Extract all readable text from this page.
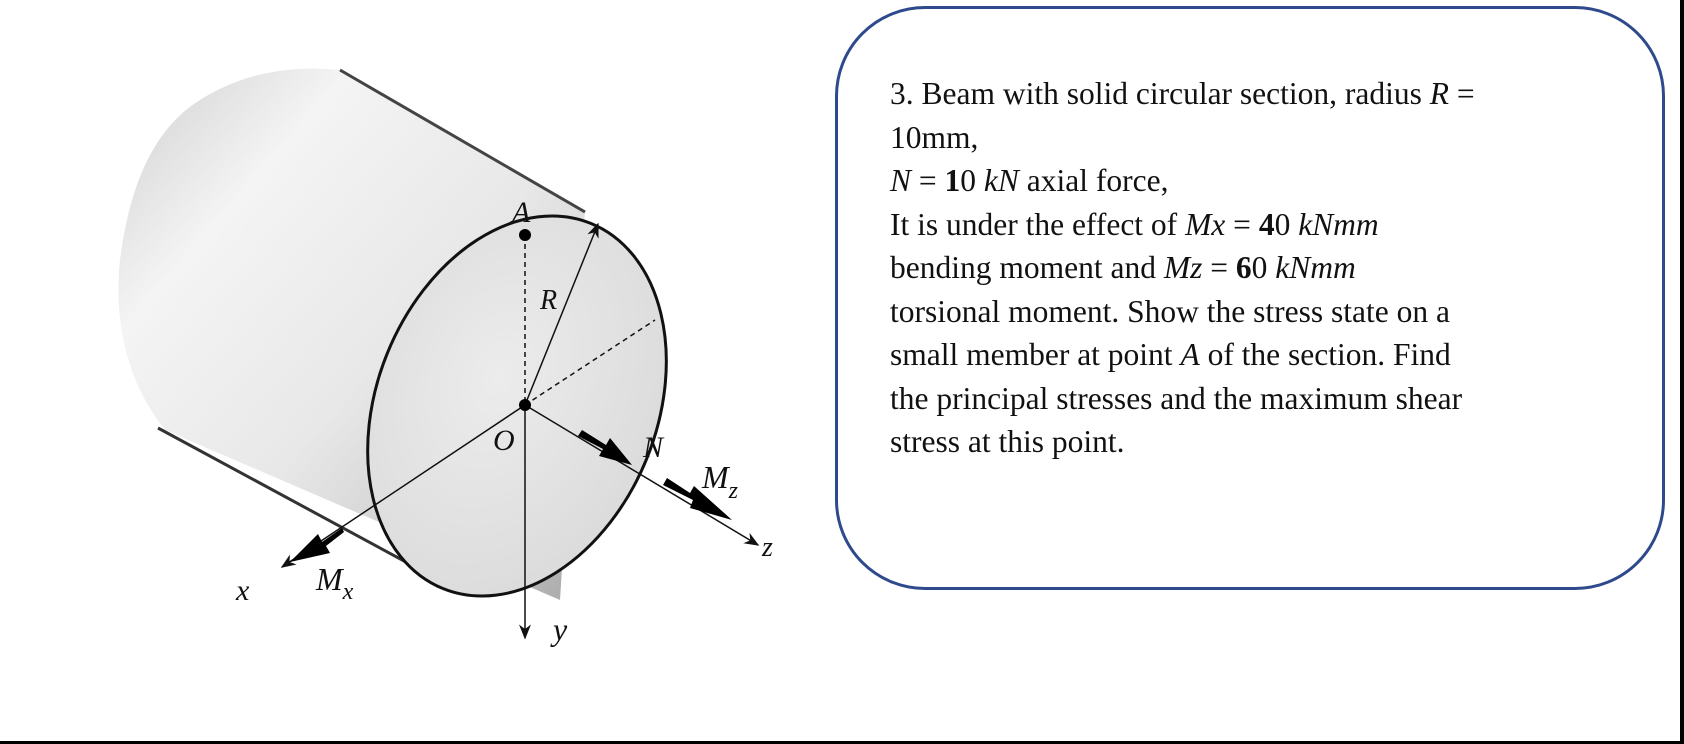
A
R
O	N
$M_z$
z
x $M_x$
y
3. Beam with solid circular section, radius R =
10mm,
N = 10 kN axial force,
It is under the effect of Mx = 40 kNmm
bending moment and Mz = 60 kNmm
torsional moment. Show the stress state on a
small member at point A of the section. Find
the principal stresses and the maximum shear
stress at this point.
